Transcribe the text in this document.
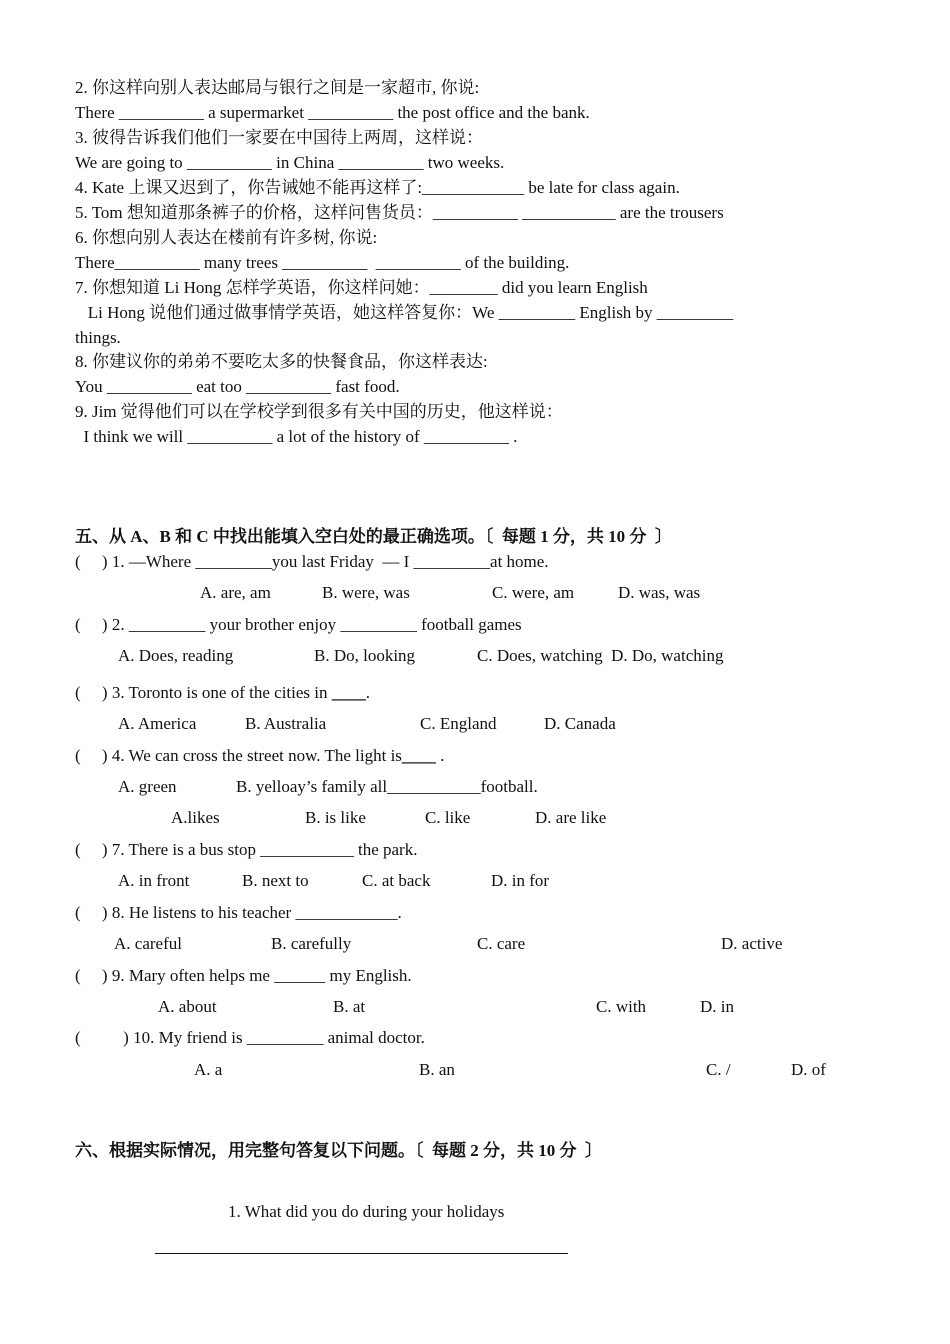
2. 你这样向别人表达邮局与银行之间是一家超市, 你说:
There __________ a supermarket __________ the post office and the bank.
3. 彼得告诉我们他们一家要在中国待上两周，这样说：
We are going to __________ in China __________ two weeks.
4. Kate 上课又迟到了，你告诫她不能再这样了:____________ be late for class again.
5. Tom 想知道那条裤子的价格，这样问售货员：__________ ___________ are the trousers
6. 你想向别人表达在楼前有许多树, 你说:
There__________ many trees __________  __________ of the building.
7. 你想知道 Li Hong 怎样学英语，你这样问她：________ did you learn English
Li Hong 说他们通过做事情学英语，她这样答复你：We _________ English by _________
things.
8. 你建议你的弟弟不要吃太多的快餐食品，你这样表达:
You __________ eat too __________ fast food.
9. Jim 觉得他们可以在学校学到很多有关中国的历史，他这样说：
I think we will __________ a lot of the history of __________ .
五、从 A、B 和 C 中找出能填入空白处的最正确选项。〔  每题 1 分，共 10 分  〕
(     ) 1. —Where _________you last Friday  — I _________at home.
A. are, am	B. were, was	C. were, am	D. was, was
(     ) 2. _________ your brother enjoy _________ football games
A. Does, reading	B. Do, looking	C. Does, watching  D. Do, watching
(     ) 3. Toronto is one of the cities in ____.
A. America	B. Australia	C. England	D. Canada
(     ) 4. We can cross the street now. The light is____ .
A. green	B. yelloay’s family all___________football.
A.likes	B. is like	C. like	D. are like
(     ) 7. There is a bus stop ___________ the park.
A. in front	B. next to	C. at back	D. in for
(     ) 8. He listens to his teacher ____________.
A. careful	B. carefully	C. care	D. active
(     ) 9. Mary often helps me ______ my English.
A. about	B. at	C. with	D. in
(          ) 10. My friend is _________ animal doctor.
A. a	B. an	C. /	D. of
六、根据实际情况，用完整句答复以下问题。〔  每题 2 分，共 10 分  〕
1. What did you do during your holidays
